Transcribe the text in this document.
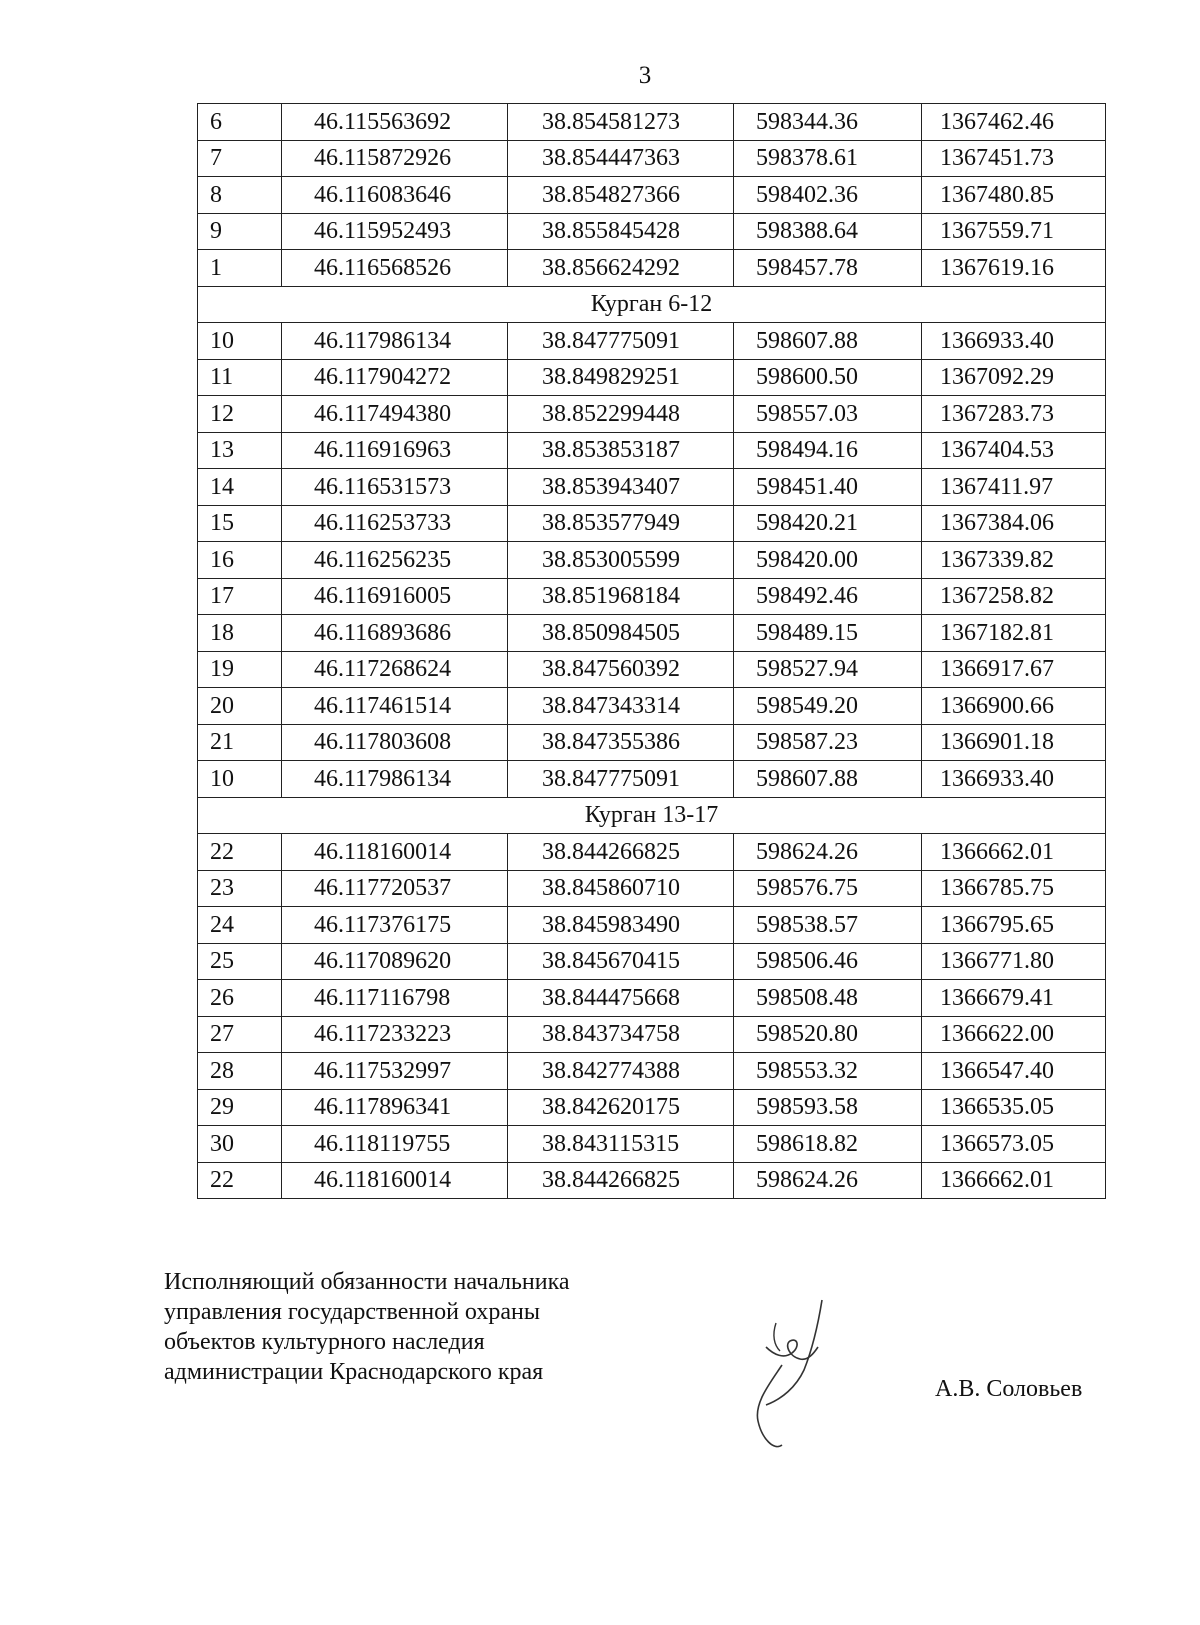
3
6	46.115563692	38.854581273	598344.36	1367462.46
7	46.115872926	38.854447363	598378.61	1367451.73
8	46.116083646	38.854827366	598402.36	1367480.85
9	46.115952493	38.855845428	598388.64	1367559.71
1	46.116568526	38.856624292	598457.78	1367619.16
Курган 6-12				
10	46.117986134	38.847775091	598607.88	1366933.40
11	46.117904272	38.849829251	598600.50	1367092.29
12	46.117494380	38.852299448	598557.03	1367283.73
13	46.116916963	38.853853187	598494.16	1367404.53
14	46.116531573	38.853943407	598451.40	1367411.97
15	46.116253733	38.853577949	598420.21	1367384.06
16	46.116256235	38.853005599	598420.00	1367339.82
17	46.116916005	38.851968184	598492.46	1367258.82
18	46.116893686	38.850984505	598489.15	1367182.81
19	46.117268624	38.847560392	598527.94	1366917.67
20	46.117461514	38.847343314	598549.20	1366900.66
21	46.117803608	38.847355386	598587.23	1366901.18
10	46.117986134	38.847775091	598607.88	1366933.40
Курган 13-17				
22	46.118160014	38.844266825	598624.26	1366662.01
23	46.117720537	38.845860710	598576.75	1366785.75
24	46.117376175	38.845983490	598538.57	1366795.65
25	46.117089620	38.845670415	598506.46	1366771.80
26	46.117116798	38.844475668	598508.48	1366679.41
27	46.117233223	38.843734758	598520.80	1366622.00
28	46.117532997	38.842774388	598553.32	1366547.40
29	46.117896341	38.842620175	598593.58	1366535.05
30	46.118119755	38.843115315	598618.82	1366573.05
22	46.118160014	38.844266825	598624.26	1366662.01
Исполняющий обязанности начальника
управления государственной охраны
объектов культурного наследия
администрации Краснодарского края
А.В. Соловьев
